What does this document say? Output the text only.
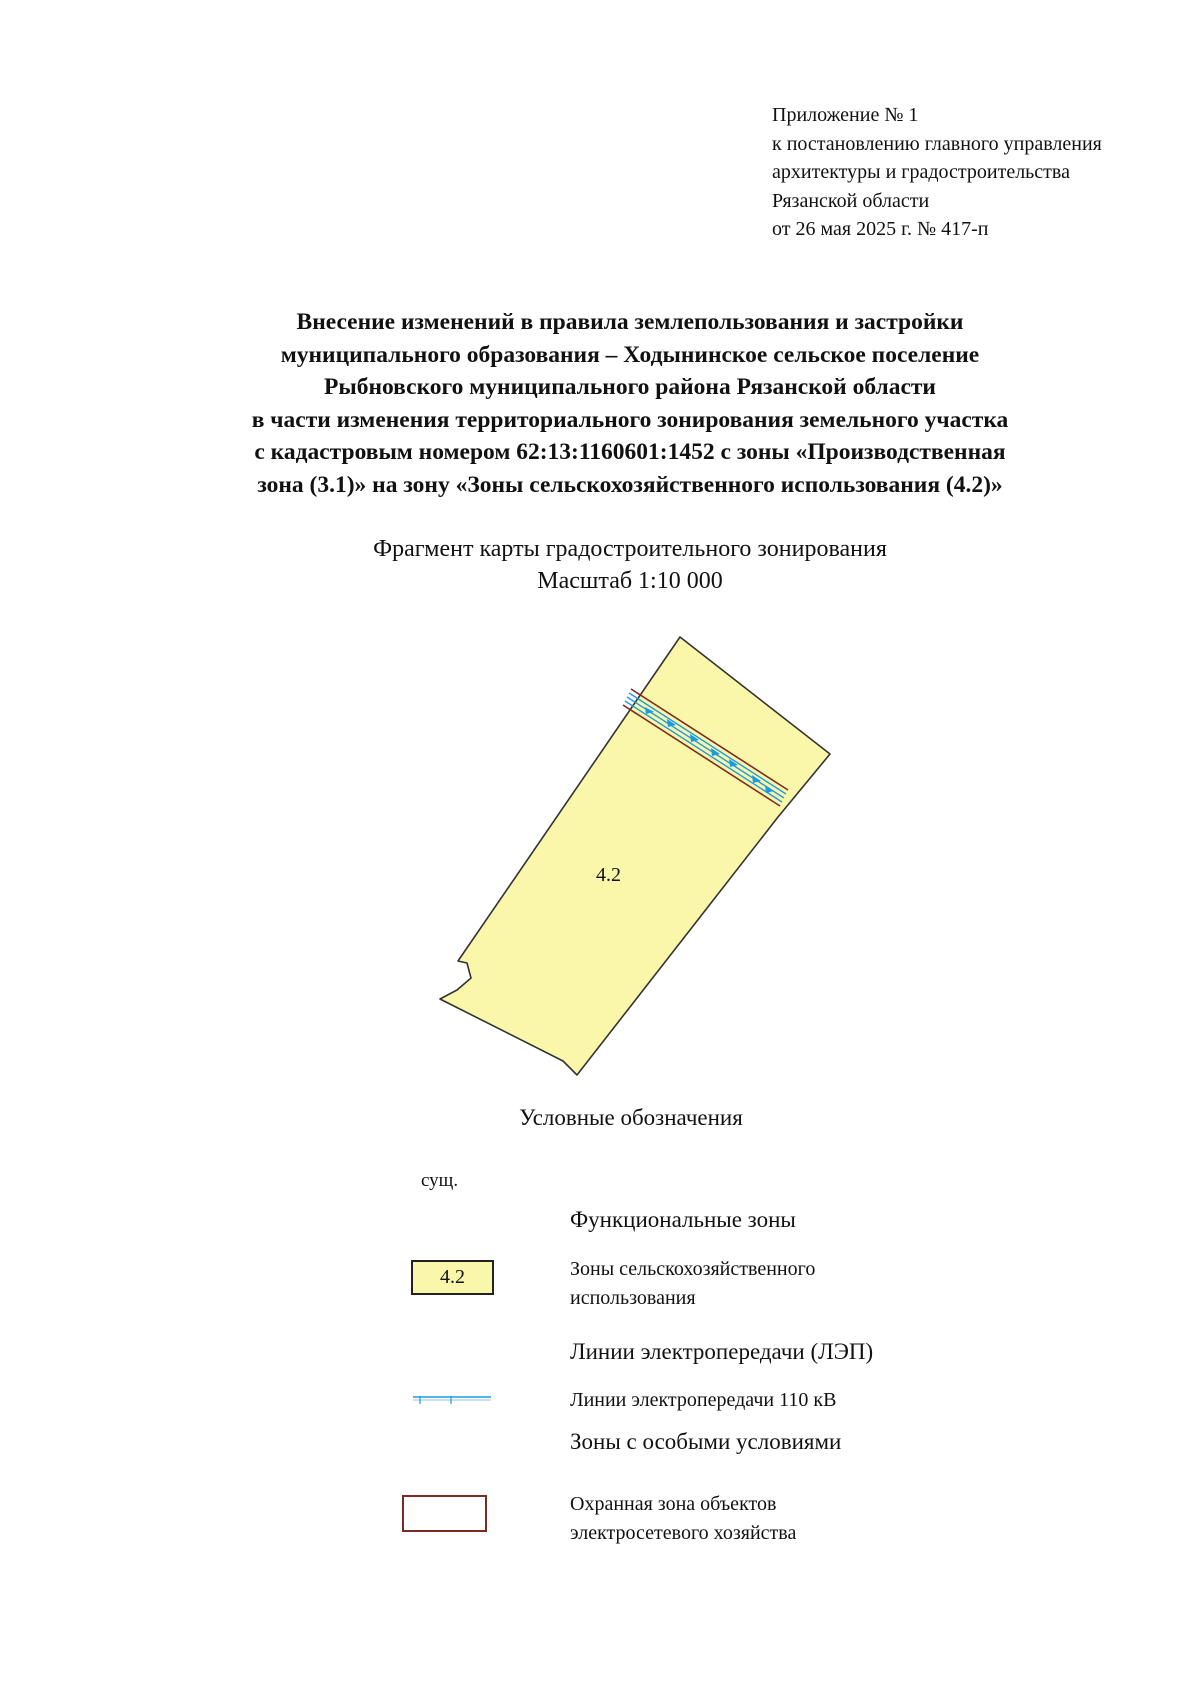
Приложение № 1
к постановлению главного управления
архитектуры и градостроительства
Рязанской области
от 26 мая 2025 г. № 417-п
Внесение изменений в правила землепользования и застройки
муниципального образования – Ходынинское сельское поселение
Рыбновского муниципального района Рязанской области
в части изменения территориального зонирования земельного участка
с кадастровым номером 62:13:1160601:1452 с зоны «Производственная
зона (3.1)» на зону «Зоны сельскохозяйственного использования (4.2)»
Фрагмент карты градостроительного зонирования
Масштаб 1:10 000
4.2
Условные обозначения
сущ.
Функциональные зоны
4.2	Зоны сельскохозяйственного
использования
Линии электропередачи (ЛЭП)
Линии электропередачи 110 кВ
Зоны с особыми условиями
Охранная зона объектов
электросетевого хозяйства
